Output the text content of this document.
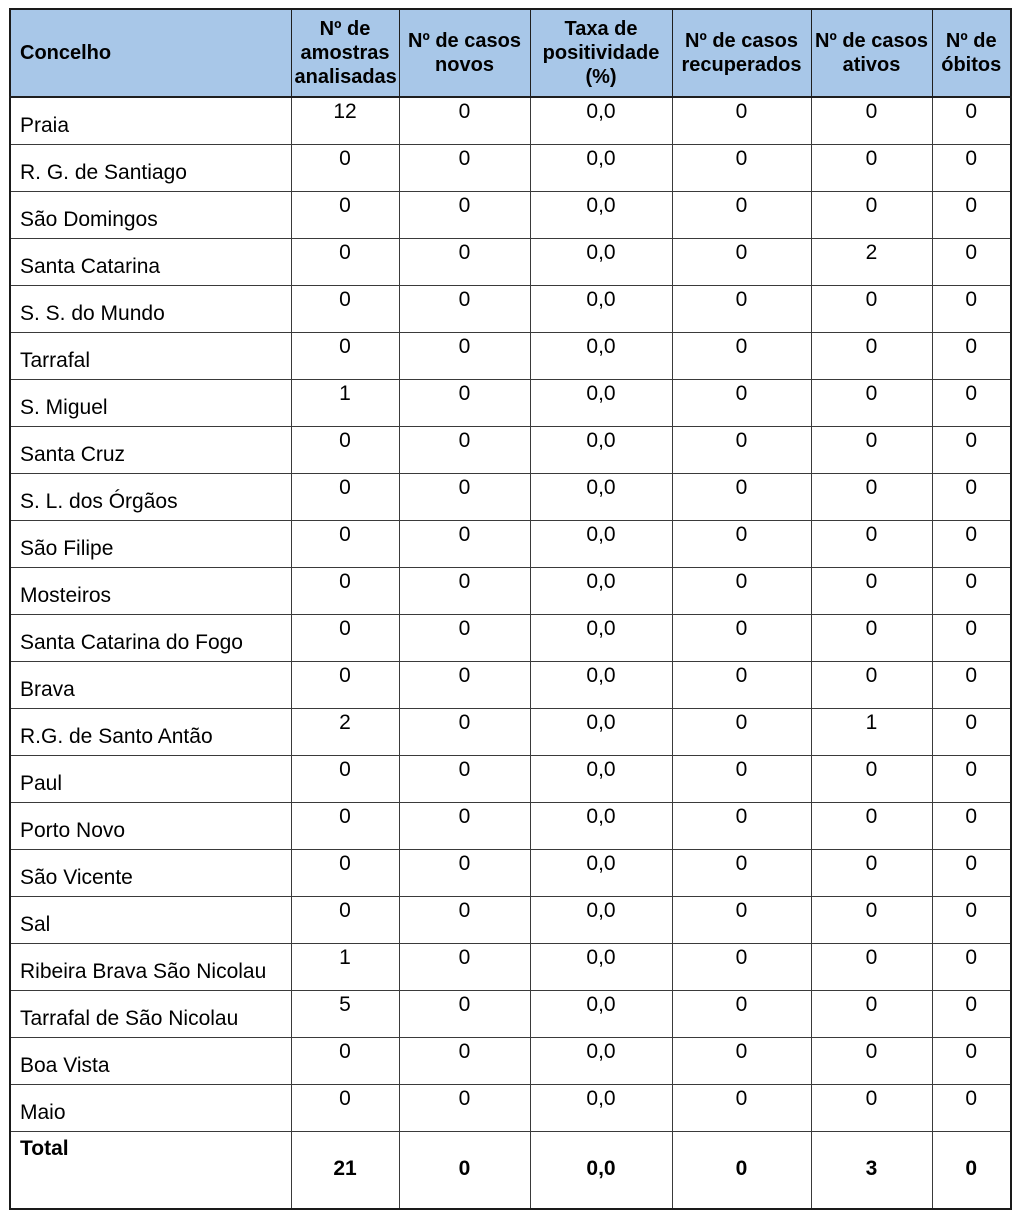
Concelho	Nº de amostras analisadas	Nº de casos novos	Taxa de positividade (%)	Nº de casos recuperados	Nº de casos ativos	Nº de óbitos
Praia	12	0	0,0	0	0	0
R. G. de Santiago	0	0	0,0	0	0	0
São Domingos	0	0	0,0	0	0	0
Santa Catarina	0	0	0,0	0	2	0
S. S. do Mundo	0	0	0,0	0	0	0
Tarrafal	0	0	0,0	0	0	0
S. Miguel	1	0	0,0	0	0	0
Santa Cruz	0	0	0,0	0	0	0
S. L. dos Órgãos	0	0	0,0	0	0	0
São Filipe	0	0	0,0	0	0	0
Mosteiros	0	0	0,0	0	0	0
Santa Catarina do Fogo	0	0	0,0	0	0	0
Brava	0	0	0,0	0	0	0
R.G. de Santo Antão	2	0	0,0	0	1	0
Paul	0	0	0,0	0	0	0
Porto Novo	0	0	0,0	0	0	0
São Vicente	0	0	0,0	0	0	0
Sal	0	0	0,0	0	0	0
Ribeira Brava São Nicolau	1	0	0,0	0	0	0
Tarrafal de São Nicolau	5	0	0,0	0	0	0
Boa Vista	0	0	0,0	0	0	0
Maio	0	0	0,0	0	0	0
Total	21	0	0,0	0	3	0
